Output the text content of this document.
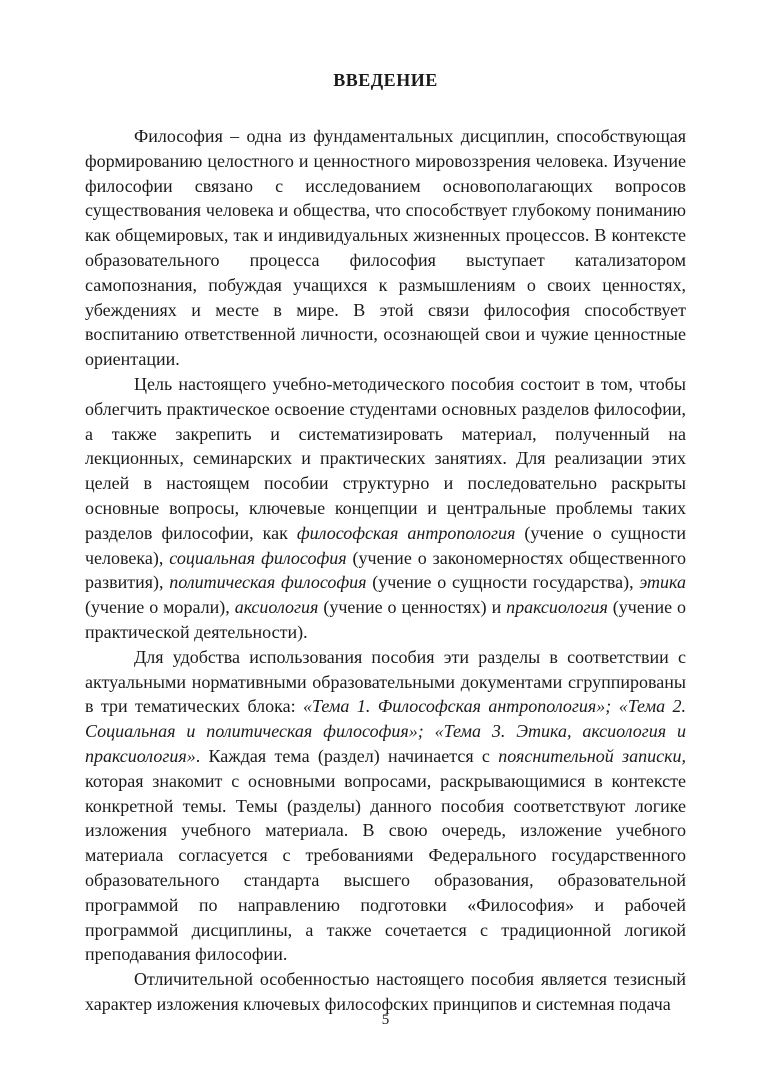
ВВЕДЕНИЕ

Философия – одна из фундаментальных дисциплин, способствующая формированию целостного и ценностного мировоззрения человека. Изучение философии связано с исследованием основополагающих вопросов существования человека и общества, что способствует глубокому пониманию как общемировых, так и индивидуальных жизненных процессов. В контексте образовательного процесса философия выступает катализатором самопознания, побуждая учащихся к размышлениям о своих ценностях, убеждениях и месте в мире. В этой связи философия способствует воспитанию ответственной личности, осознающей свои и чужие ценностные ориентации.

Цель настоящего учебно-методического пособия состоит в том, чтобы облегчить практическое освоение студентами основных разделов философии, а также закрепить и систематизировать материал, полученный на лекционных, семинарских и практических занятиях. Для реализации этих целей в настоящем пособии структурно и последовательно раскрыты основные вопросы, ключевые концепции и центральные проблемы таких разделов философии, как философская антропология (учение о сущности человека), социальная философия (учение о закономерностях общественного развития), политическая философия (учение о сущности государства), этика (учение о морали), аксиология (учение о ценностях) и праксиология (учение о практической деятельности).

Для удобства использования пособия эти разделы в соответствии с актуальными нормативными образовательными документами сгруппированы в три тематических блока: «Тема 1. Философская антропология»; «Тема 2. Социальная и политическая философия»; «Тема 3. Этика, аксиология и праксиология». Каждая тема (раздел) начинается с пояснительной записки, которая знакомит с основными вопросами, раскрывающимися в контексте конкретной темы. Темы (разделы) данного пособия соответствуют логике изложения учебного материала. В свою очередь, изложение учебного материала согласуется с требованиями Федерального государственного образовательного стандарта высшего образования, образовательной программой по направлению подготовки «Философия» и рабочей программой дисциплины, а также сочетается с традиционной логикой преподавания философии.

Отличительной особенностью настоящего пособия является тезисный характер изложения ключевых философских принципов и системная подача

5
